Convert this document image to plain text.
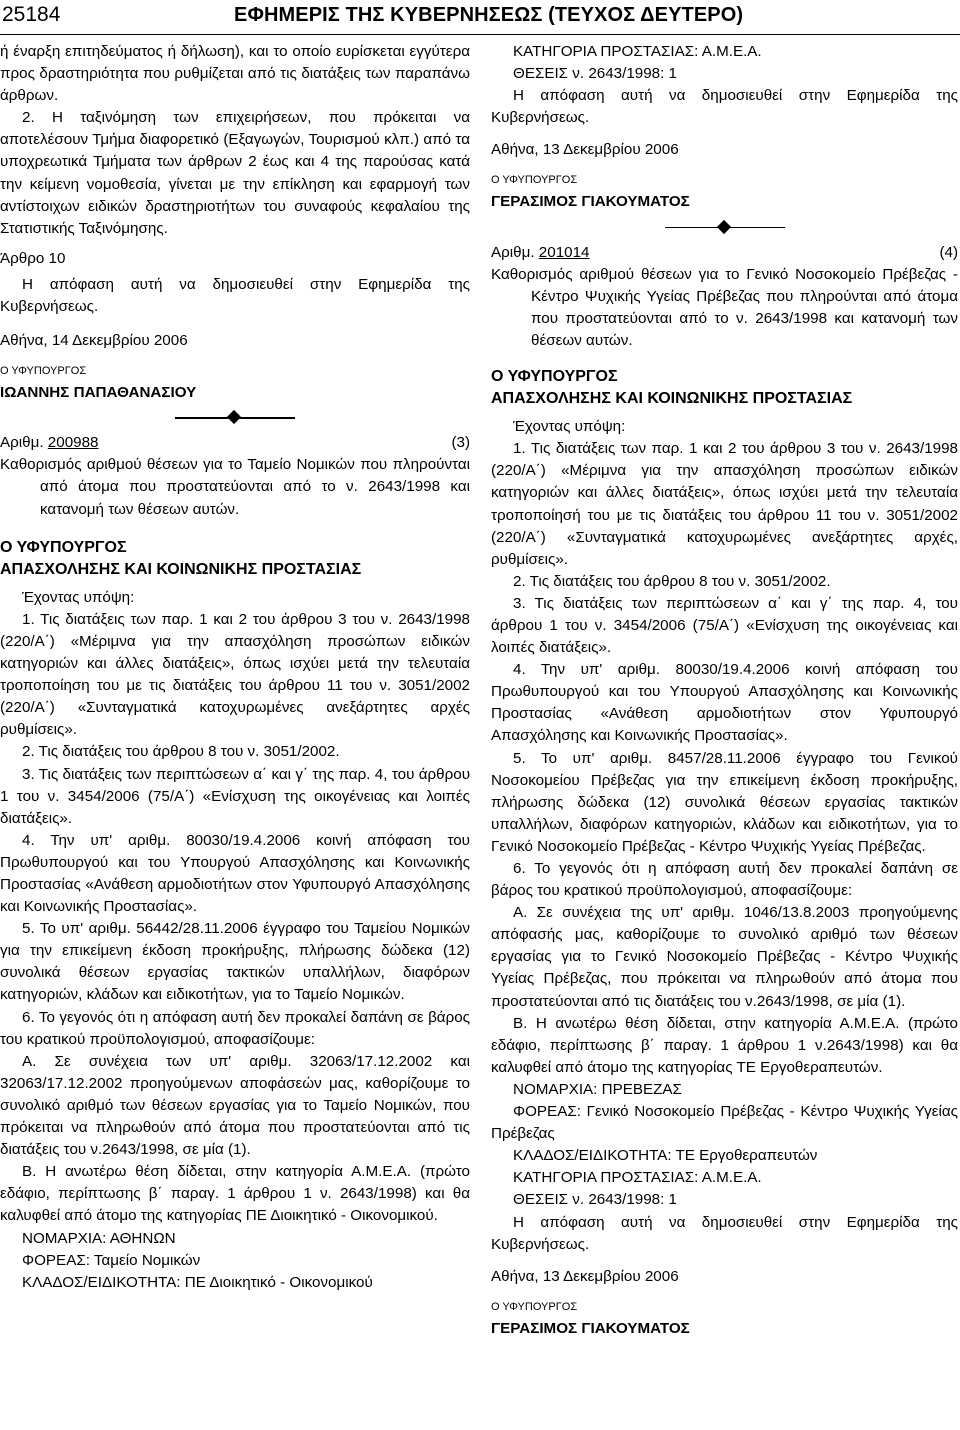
25184	ΕΦΗΜΕΡΙΣ ΤΗΣ ΚΥΒΕΡΝΗΣΕΩΣ (ΤΕΥΧΟΣ ΔΕΥΤΕΡΟ)

ή έναρξη επιτηδεύματος ή δήλωση), και το οποίο ευρίσκεται εγγύτερα προς δραστηριότητα που ρυθμίζεται από τις διατάξεις των παραπάνω άρθρων.

2. Η ταξινόμηση των επιχειρήσεων, που πρόκειται να αποτελέσουν Τμήμα διαφορετικό (Εξαγωγών, Τουρισμού κλπ.) από τα υποχρεωτικά Τμήματα των άρθρων 2 έως και 4 της παρούσας κατά την κείμενη νομοθεσία, γίνεται με την επίκληση και εφαρμογή των αντίστοιχων ειδικών δραστηριοτήτων του συναφούς κεφαλαίου της Στατιστικής Ταξινόμησης.

Άρθρο 10

Η απόφαση αυτή να δημοσιευθεί στην Εφημερίδα της Κυβερνήσεως.

Αθήνα, 14 Δεκεμβρίου 2006

Ο ΥΦΥΠΟΥΡΓΟΣ

ΙΩΑΝΝΗΣ ΠΑΠΑΘΑΝΑΣΙΟΥ

Αριθμ. 200988	(3)

Καθορισμός αριθμού θέσεων για το Ταμείο Νομικών που πληρούνται από άτομα που προστατεύονται από το ν. 2643/1998 και κατανομή των θέσεων αυτών.

Ο ΥΦΥΠΟΥΡΓΟΣ

ΑΠΑΣΧΟΛΗΣΗΣ ΚΑΙ ΚΟΙΝΩΝΙΚΗΣ ΠΡΟΣΤΑΣΙΑΣ

Έχοντας υπόψη:

1. Τις διατάξεις των παρ. 1 και 2 του άρθρου 3 του ν. 2643/1998 (220/Α΄) «Μέριμνα για την απασχόληση προσώπων ειδικών κατηγοριών και άλλες διατάξεις», όπως ισχύει μετά την τελευταία τροποποίηση του με τις διατάξεις του άρθρου 11 του ν. 3051/2002 (220/Α΄) «Συνταγματικά κατοχυρωμένες ανεξάρτητες αρχές ρυθμίσεις».

2. Τις διατάξεις του άρθρου 8 του ν. 3051/2002.

3. Τις διατάξεις των περιπτώσεων α΄ και γ΄ της παρ. 4, του άρθρου 1 του ν. 3454/2006 (75/Α΄) «Ενίσχυση της οικογένειας και λοιπές διατάξεις».

4. Την υπ' αριθμ. 80030/19.4.2006 κοινή απόφαση του Πρωθυπουργού και του Υπουργού Απασχόλησης και Κοινωνικής Προστασίας «Ανάθεση αρμοδιοτήτων στον Υφυπουργό Απασχόλησης και Κοινωνικής Προστασίας».

5. Το υπ' αριθμ. 56442/28.11.2006 έγγραφο του Ταμείου Νομικών για την επικείμενη έκδοση προκήρυξης, πλήρωσης δώδεκα (12) συνολικά θέσεων εργασίας τακτικών υπαλλήλων, διαφόρων κατηγοριών, κλάδων και ειδικοτήτων, για το Ταμείο Νομικών.

6. Το γεγονός ότι η απόφαση αυτή δεν προκαλεί δαπάνη σε βάρος του κρατικού προϋπολογισμού, αποφασίζουμε:

Α. Σε συνέχεια των υπ' αριθμ. 32063/17.12.2002 και 32063/17.12.2002 προηγούμενων αποφάσεών μας, καθορίζουμε το συνολικό αριθμό των θέσεων εργασίας για το Ταμείο Νομικών, που πρόκειται να πληρωθούν από άτομα που προστατεύονται από τις διατάξεις του ν.2643/1998, σε μία (1).

Β. Η ανωτέρω θέση δίδεται, στην κατηγορία Α.Μ.Ε.Α. (πρώτο εδάφιο, περίπτωσης β΄ παραγ. 1 άρθρου 1 ν. 2643/1998) και θα καλυφθεί από άτομο της κατηγορίας ΠΕ Διοικητικό - Οικονομικού.

ΝΟΜΑΡΧΙΑ: ΑΘΗΝΩΝ

ΦΟΡΕΑΣ: Ταμείο Νομικών

ΚΛΑΔΟΣ/ΕΙΔΙΚΟΤΗΤΑ: ΠΕ Διοικητικό - Οικονομικού

ΚΑΤΗΓΟΡΙΑ ΠΡΟΣΤΑΣΙΑΣ: Α.Μ.Ε.Α.

ΘΕΣΕΙΣ ν. 2643/1998: 1

Η απόφαση αυτή να δημοσιευθεί στην Εφημερίδα της Κυβερνήσεως.

Αθήνα, 13 Δεκεμβρίου 2006

Ο ΥΦΥΠΟΥΡΓΟΣ

ΓΕΡΑΣΙΜΟΣ ΓΙΑΚΟΥΜΑΤΟΣ

Αριθμ. 201014	(4)

Καθορισμός αριθμού θέσεων για το Γενικό Νοσοκομείο Πρέβεζας - Κέντρο Ψυχικής Υγείας Πρέβεζας που πληρούνται από άτομα που προστατεύονται από το ν. 2643/1998 και κατανομή των θέσεων αυτών.

Ο ΥΦΥΠΟΥΡΓΟΣ

ΑΠΑΣΧΟΛΗΣΗΣ ΚΑΙ ΚΟΙΝΩΝΙΚΗΣ ΠΡΟΣΤΑΣΙΑΣ

Έχοντας υπόψη:

1. Τις διατάξεις των παρ. 1 και 2 του άρθρου 3 του ν. 2643/1998 (220/Α΄) «Μέριμνα για την απασχόληση προσώπων ειδικών κατηγοριών και άλλες διατάξεις», όπως ισχύει μετά την τελευταία τροποποίησή του με τις διατάξεις του άρθρου 11 του ν. 3051/2002 (220/Α΄) «Συνταγματικά κατοχυρωμένες ανεξάρτητες αρχές, ρυθμίσεις».

2. Τις διατάξεις του άρθρου 8 του ν. 3051/2002.

3. Τις διατάξεις των περιπτώσεων α΄ και γ΄ της παρ. 4, του άρθρου 1 του ν. 3454/2006 (75/Α΄) «Ενίσχυση της οικογένειας και λοιπές διατάξεις».

4. Την υπ' αριθμ. 80030/19.4.2006 κοινή απόφαση του Πρωθυπουργού και του Υπουργού Απασχόλησης και Κοινωνικής Προστασίας «Ανάθεση αρμοδιοτήτων στον Υφυπουργό Απασχόλησης και Κοινωνικής Προστασίας».

5. Το υπ' αριθμ. 8457/28.11.2006 έγγραφο του Γενικού Νοσοκομείου Πρέβεζας για την επικείμενη έκδοση προκήρυξης, πλήρωσης δώδεκα (12) συνολικά θέσεων εργασίας τακτικών υπαλλήλων, διαφόρων κατηγοριών, κλάδων και ειδικοτήτων, για το Γενικό Νοσοκομείο Πρέβεζας - Κέντρο Ψυχικής Υγείας Πρέβεζας.

6. Το γεγονός ότι η απόφαση αυτή δεν προκαλεί δαπάνη σε βάρος του κρατικού προϋπολογισμού, αποφασίζουμε:

Α. Σε συνέχεια της υπ' αριθμ. 1046/13.8.2003 προηγούμενης απόφασής μας, καθορίζουμε το συνολικό αριθμό των θέσεων εργασίας για το Γενικό Νοσοκομείο Πρέβεζας - Κέντρο Ψυχικής Υγείας Πρέβεζας, που πρόκειται να πληρωθούν από άτομα που προστατεύονται από τις διατάξεις του ν.2643/1998, σε μία (1).

Β. Η ανωτέρω θέση δίδεται, στην κατηγορία Α.Μ.Ε.Α. (πρώτο εδάφιο, περίπτωσης β΄ παραγ. 1 άρθρου 1 ν.2643/1998) και θα καλυφθεί από άτομο της κατηγορίας ΤΕ Εργοθεραπευτών.

ΝΟΜΑΡΧΙΑ: ΠΡΕΒΕΖΑΣ

ΦΟΡΕΑΣ: Γενικό Νοσοκομείο Πρέβεζας - Κέντρο Ψυχικής Υγείας Πρέβεζας

ΚΛΑΔΟΣ/ΕΙΔΙΚΟΤΗΤΑ: ΤΕ Εργοθεραπευτών

ΚΑΤΗΓΟΡΙΑ ΠΡΟΣΤΑΣΙΑΣ: Α.Μ.Ε.Α.

ΘΕΣΕΙΣ ν. 2643/1998: 1

Η απόφαση αυτή να δημοσιευθεί στην Εφημερίδα της Κυβερνήσεως.

Αθήνα, 13 Δεκεμβρίου 2006

Ο ΥΦΥΠΟΥΡΓΟΣ

ΓΕΡΑΣΙΜΟΣ ΓΙΑΚΟΥΜΑΤΟΣ
